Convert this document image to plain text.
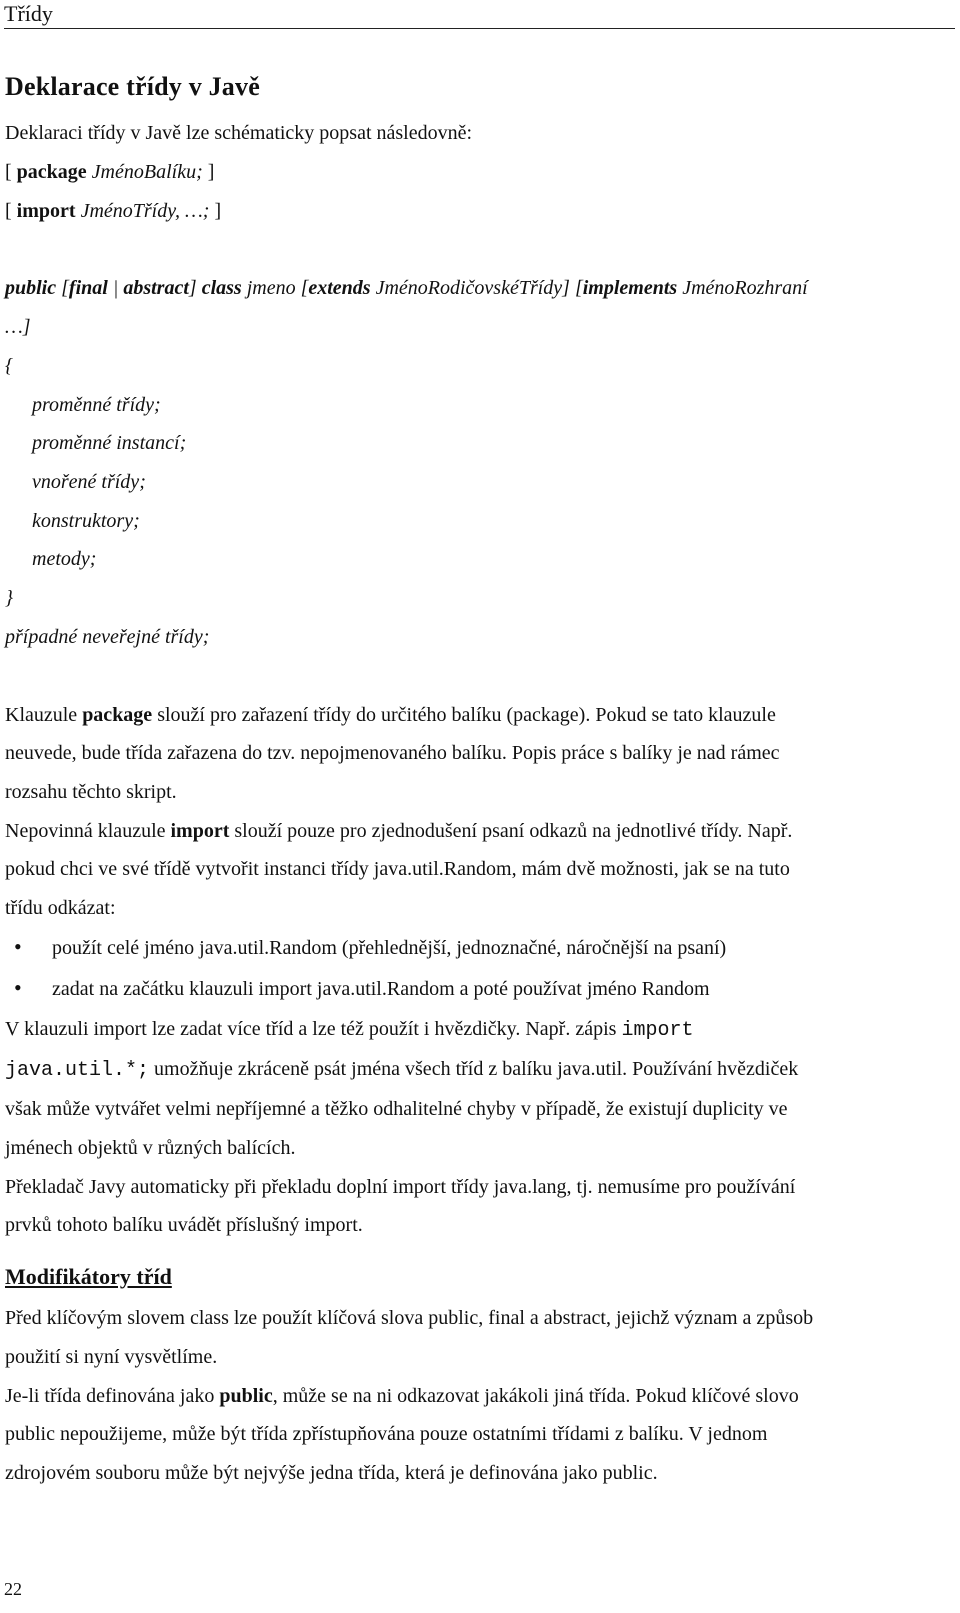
Třídy
Deklarace třídy v Javě
Deklaraci třídy v Javě lze schématicky popsat následovně:
[ package JménoBalíku; ]
[ import JménoTřídy, …; ]
public [final | abstract] class jmeno [extends JménoRodičovskéTřídy] [implements JménoRozhraní
…]
{
proměnné třídy;
proměnné instancí;
vnořené třídy;
konstruktory;
metody;
}
případné neveřejné třídy;
Klauzule package slouží pro zařazení třídy do určitého balíku (package). Pokud se tato klauzule
neuvede, bude třída zařazena do tzv. nepojmenovaného balíku. Popis práce s balíky je nad rámec
rozsahu těchto skript.
Nepovinná klauzule import slouží pouze pro zjednodušení psaní odkazů na jednotlivé třídy. Např.
pokud chci ve své třídě vytvořit instanci třídy java.util.Random, mám dvě možnosti, jak se na tuto
třídu odkázat:
• použít celé jméno java.util.Random (přehlednější, jednoznačné, náročnější na psaní)
• zadat na začátku klauzuli import java.util.Random a poté používat jméno Random
V klauzuli import lze zadat více tříd a lze též použít i hvězdičky. Např. zápis import
java.util.*; umožňuje zkráceně psát jména všech tříd z balíku java.util. Používání hvězdiček
však může vytvářet velmi nepříjemné a těžko odhalitelné chyby v případě, že existují duplicity ve
jménech objektů v různých balících.
Překladač Javy automaticky při překladu doplní import třídy java.lang, tj. nemusíme pro používání
prvků tohoto balíku uvádět příslušný import.
Modifikátory tříd
Před klíčovým slovem class lze použít klíčová slova public, final a abstract, jejichž význam a způsob
použití si nyní vysvětlíme.
Je-li třída definována jako public, může se na ni odkazovat jakákoli jiná třída. Pokud klíčové slovo
public nepoužijeme, může být třída zpřístupňována pouze ostatními třídami z balíku. V jednom
zdrojovém souboru může být nejvýše jedna třída, která je definována jako public.
22
